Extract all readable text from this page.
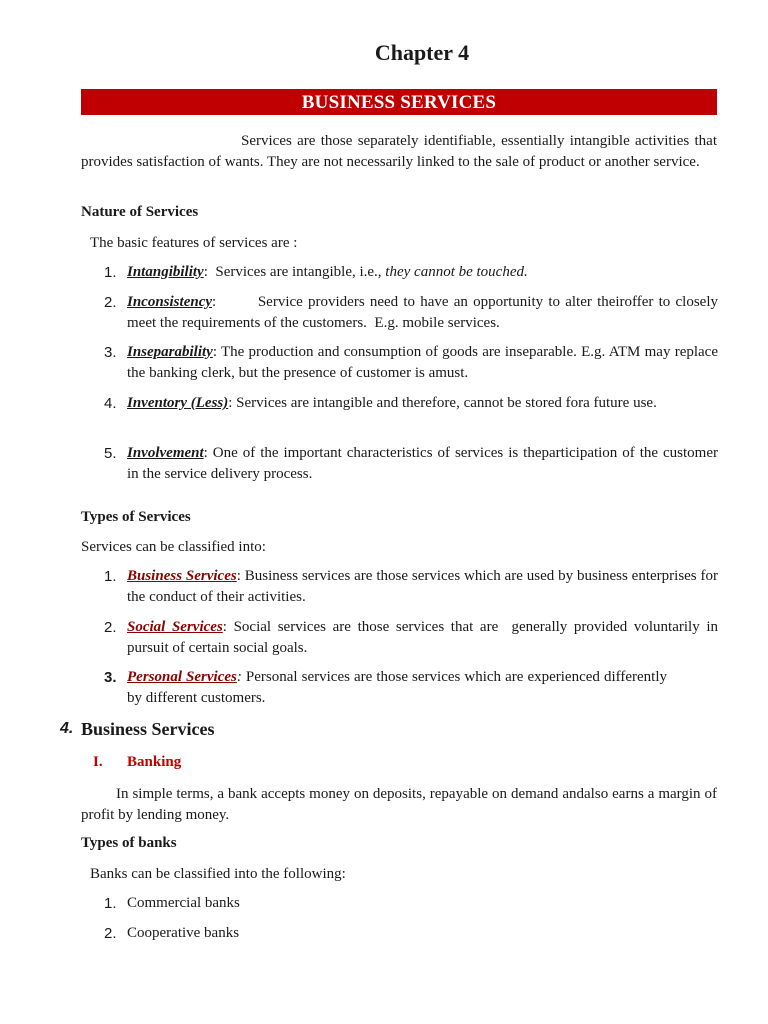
Chapter 4
BUSINESS SERVICES
Services are those separately identifiable, essentially intangible activities that provides satisfaction of wants. They are not necessarily linked to the sale of product or another service.
Nature of Services
The basic features of services are :
1. Intangibility:  Services are intangible, i.e., they cannot be touched.
2. Inconsistency:        Service providers need to have an opportunity to alter theiroffer to closely meet the requirements of the customers.  E.g. mobile services.
3. Inseparability: The production and consumption of goods are inseparable. E.g. ATM may replace the banking clerk, but the presence of customer is amust.
4. Inventory (Less): Services are intangible and therefore, cannot be stored fora future use.
5. Involvement: One of the important characteristics of services is theparticipation of the customer in the service delivery process.
Types of Services
Services can be classified into:
1. Business Services: Business services are those services which are used by business enterprises for the conduct of their activities.
2. Social Services: Social services are those services that are  generally provided voluntarily in pursuit of certain social goals.
3. Personal Services: Personal services are those services which are experienced differently by different customers.
4. Business Services
I. Banking
In simple terms, a bank accepts money on deposits, repayable on demand andalso earns a margin of profit by lending money.
Types of banks
Banks can be classified into the following:
1. Commercial banks
2. Cooperative banks
